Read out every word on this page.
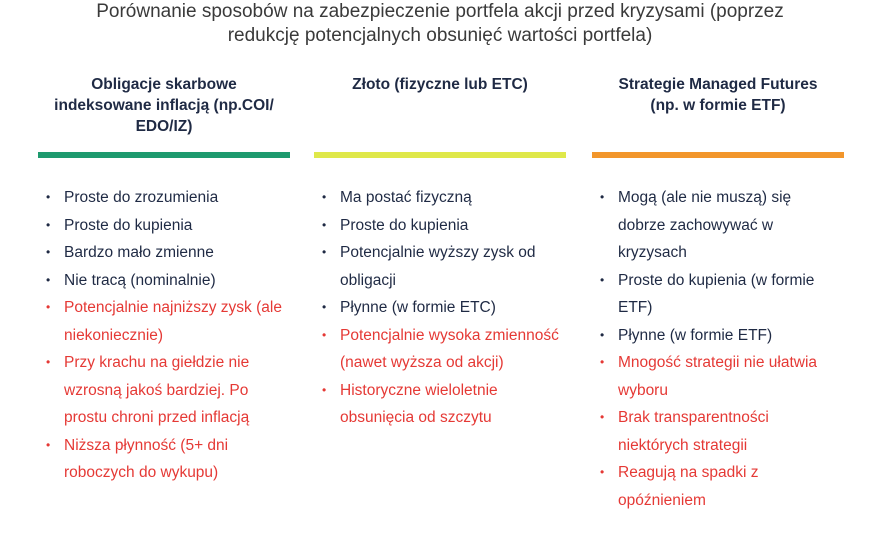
Porównanie sposobów na zabezpieczenie portfela akcji przed kryzysami (poprzez
redukcję potencjalnych obsunięć wartości portfela)
Obligacje skarbowe
indeksowane inflacją (np.COI/
EDO/IZ)
• Proste do zrozumienia
• Proste do kupienia
• Bardzo mało zmienne
• Nie tracą (nominalnie)
• Potencjalnie najniższy zysk (ale niekoniecznie)
• Przy krachu na giełdzie nie wzrosną jakoś bardziej. Po prostu chroni przed inflacją
• Niższa płynność (5+ dni roboczych do wykupu)
Złoto (fizyczne lub ETC)
• Ma postać fizyczną
• Proste do kupienia
• Potencjalnie wyższy zysk od obligacji
• Płynne (w formie ETC)
• Potencjalnie wysoka zmienność (nawet wyższa od akcji)
• Historyczne wieloletnie obsunięcia od szczytu
Strategie Managed Futures
(np. w formie ETF)
• Mogą (ale nie muszą) się dobrze zachowywać w kryzysach
• Proste do kupienia (w formie ETF)
• Płynne (w formie ETF)
• Mnogość strategii nie ułatwia wyboru
• Brak transparentności niektórych strategii
• Reagują na spadki z opóźnieniem
